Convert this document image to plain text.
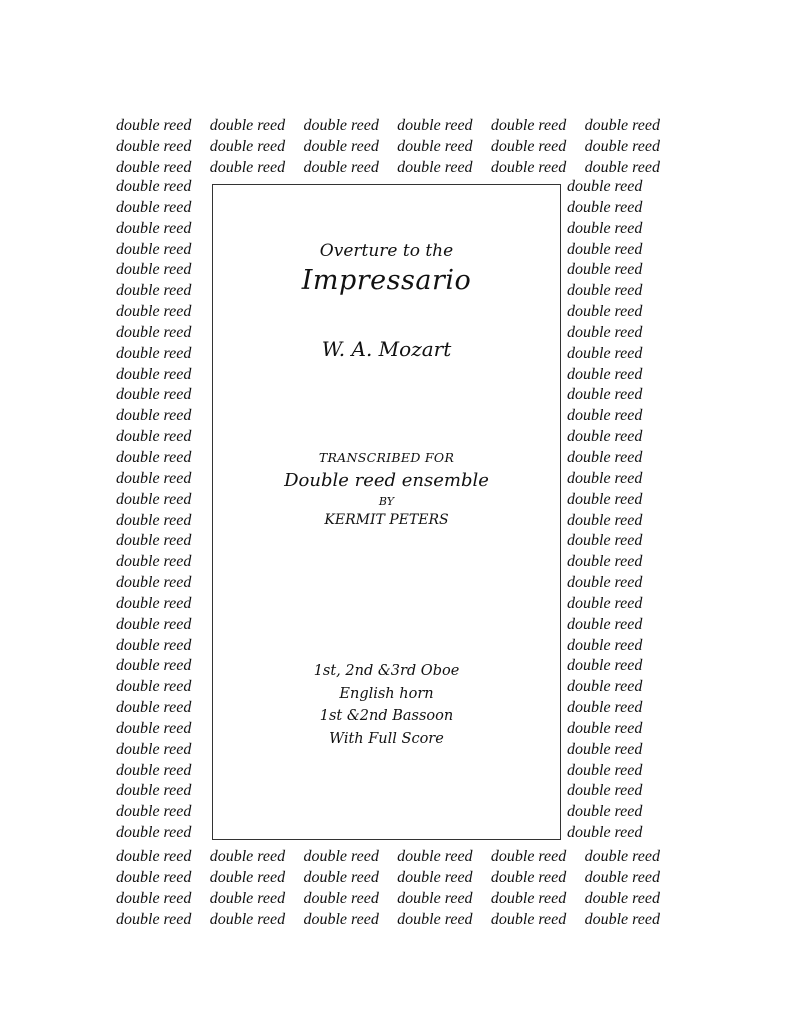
double reed
double reed
double reed
double reed
double reed
double reed
double reed
double reed
double reed
double reed
double reed
double reed
double reed
double reed
double reed
double reed
double reed
double reed
double reed
double reed
double reed
double reed
double reed
double reed
double reed
double reed
double reed
double reed
double reed
double reed
double reed
double reed
double reed
double reed
double reed
double reed
double reed
double reed
double reed
double reed
double reed
double reed
double reed
double reed
double reed
double reed
double reed
double reed
double reed
double reed
double reed
double reed
double reed
double reed
double reed
double reed
double reed
double reed
double reed
double reed
double reed
double reed
double reed
double reed
Overture to the
Impressario
W. A. Mozart
TRANSCRIBED FOR
Double reed ensemble
BY
KERMIT PETERS
1st, 2nd &3rd Oboe
English horn
1st &2nd Bassoon
With Full Score
double reed double reed double reed double reed double reed double reed
double reed double reed double reed double reed double reed double reed
double reed double reed double reed double reed double reed double reed
double reed double reed double reed double reed double reed double reed
double reed double reed double reed double reed double reed double reed
double reed double reed double reed double reed double reed double reed
double reed double reed double reed double reed double reed double reed
